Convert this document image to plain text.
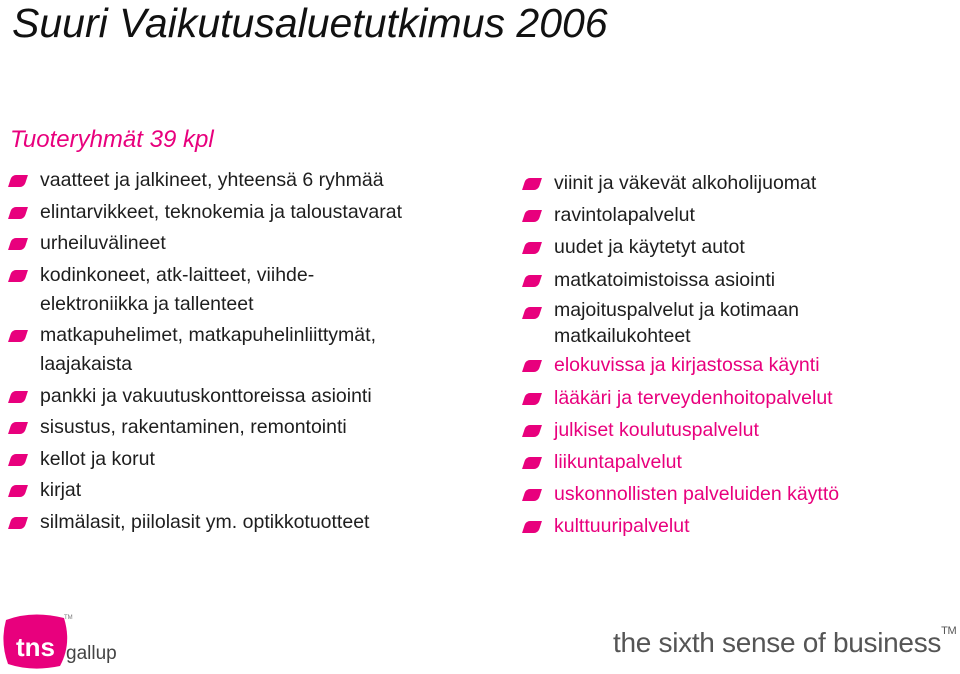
Suuri Vaikutusaluetutkimus 2006
Tuoteryhmät 39 kpl
vaatteet ja jalkineet, yhteensä 6 ryhmää
elintarvikkeet, teknokemia ja taloustavarat
urheiluvälineet
kodinkoneet, atk-laitteet, viihde-elektroniikka ja tallenteet
matkapuhelimet, matkapuhelinliittymät, laajakaista
pankki ja vakuutuskonttoreissa asiointi
sisustus, rakentaminen, remontointi
kellot ja korut
kirjat
silmälasit, piilolasit ym. optikkotuotteet
viinit ja väkevät alkoholijuomat
ravintolapalvelut
uudet ja käytetyt autot
matkatoimistoissa asiointi
majoituspalvelut ja kotimaan matkailukohteet
elokuvissa ja kirjastossa käynti
lääkäri ja terveydenhoitopalvelut
julkiset koulutuspalvelut
liikuntapalvelut
uskonnollisten palveluiden käyttö
kulttuuripalvelut
tns gallup
TM
the sixth sense of business™
